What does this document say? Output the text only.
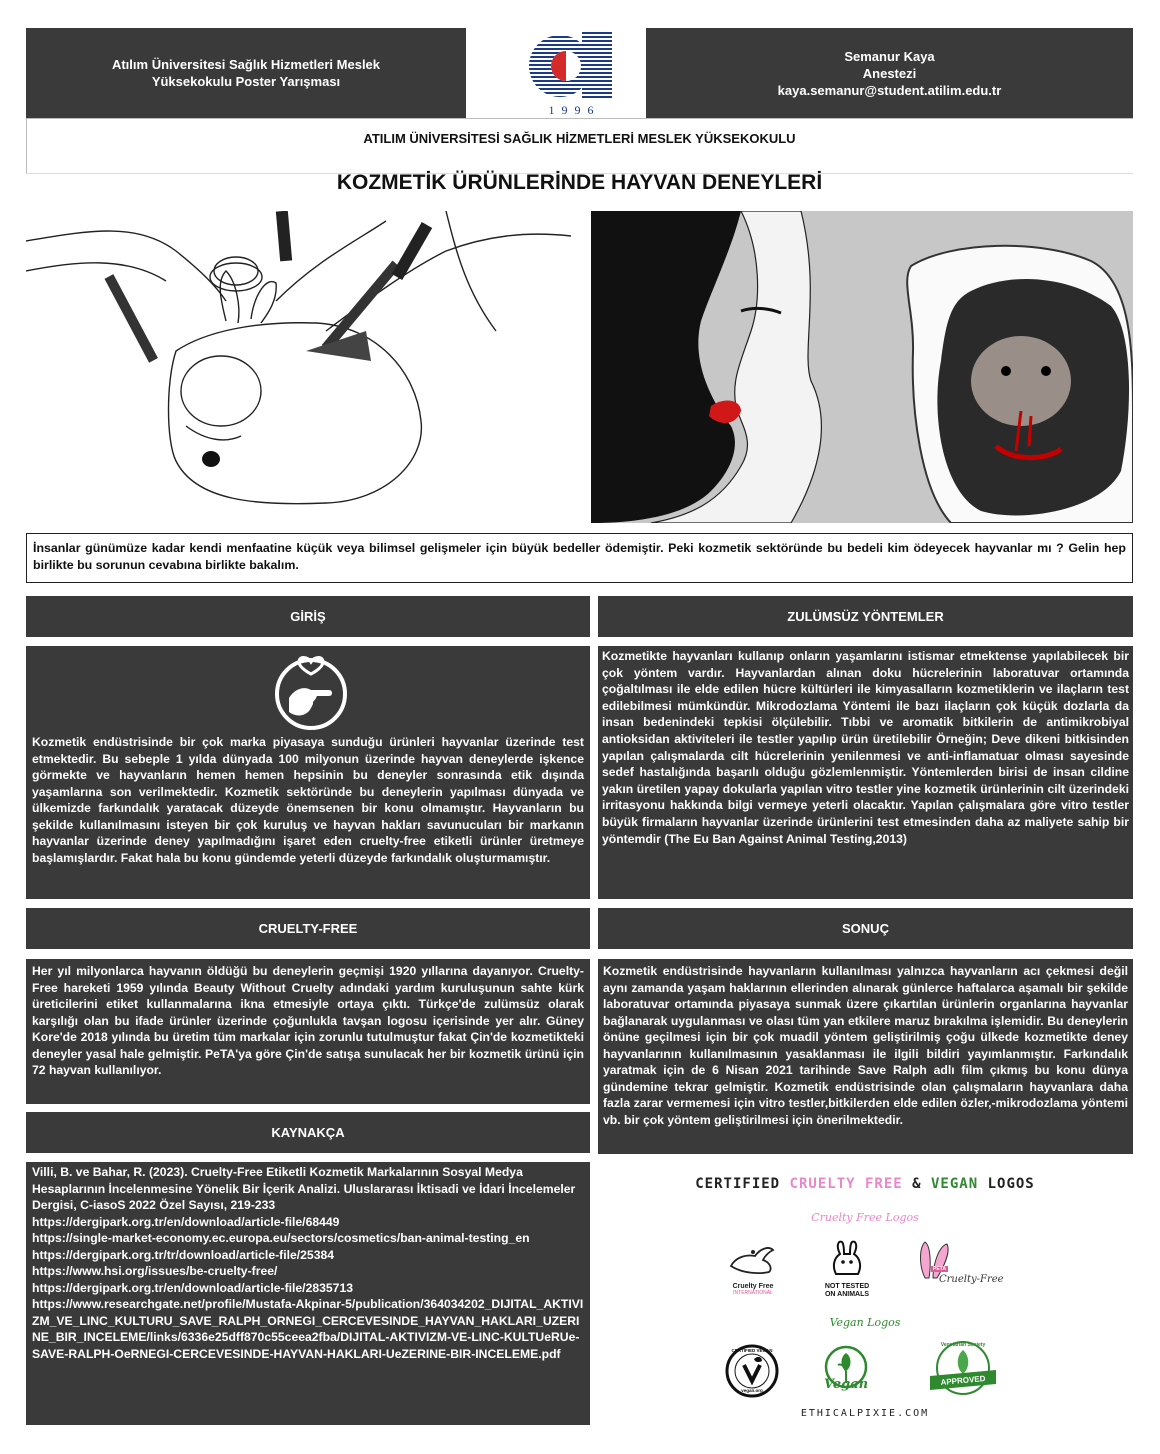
Atılım Üniversitesi Sağlık Hizmetleri Meslek Yüksekokulu Poster Yarışması
1 9 9 6
Semanur Kaya
Anestezi
kaya.semanur@student.atilim.edu.tr
ATILIM ÜNİVERSİTESİ SAĞLIK HİZMETLERİ MESLEK YÜKSEKOKULU
KOZMETİK ÜRÜNLERİNDE HAYVAN DENEYLERİ
İnsanlar günümüze kadar kendi menfaatine küçük veya bilimsel gelişmeler için büyük bedeller ödemiştir. Peki kozmetik sektöründe bu bedeli kim ödeyecek hayvanlar mı ? Gelin hep birlikte bu sorunun cevabına birlikte bakalım.
GİRİŞ
Kozmetik endüstrisinde bir çok marka piyasaya sunduğu ürünleri hayvanlar üzerinde test etmektedir. Bu sebeple 1 yılda dünyada 100 milyonun üzerinde hayvan deneylerde işkence görmekte ve hayvanların hemen hemen hepsinin bu deneyler sonrasında etik dışında yaşamlarına son verilmektedir. Kozmetik sektöründe bu deneylerin yapılması dünyada ve ülkemizde farkındalık yaratacak düzeyde önemsenen bir konu olmamıştır. Hayvanların bu şekilde kullanılmasını isteyen bir çok kuruluş ve hayvan hakları savunucuları bir markanın hayvanlar üzerinde deney yapılmadığını işaret eden cruelty-free etiketli ürünler üretmeye başlamışlardır. Fakat hala bu konu gündemde yeterli düzeyde farkındalık oluşturmamıştır.
ZULÜMSÜZ YÖNTEMLER
Kozmetikte hayvanları kullanıp onların yaşamlarını istismar etmektense yapılabilecek bir çok yöntem vardır. Hayvanlardan alınan doku hücrelerinin laboratuvar ortamında çoğaltılması ile elde edilen hücre kültürleri ile kimyasalların kozmetiklerin ve ilaçların test edilebilmesi mümkündür. Mikrodozlama Yöntemi ile bazı ilaçların çok küçük dozlarla da insan bedenindeki tepkisi ölçülebilir. Tıbbi ve aromatik bitkilerin de antimikrobiyal antioksidan aktiviteleri ile testler yapılıp ürün üretilebilir Örneğin; Deve dikeni bitkisinden yapılan çalışmalarda cilt hücrelerinin yenilenmesi ve anti-inflamatuar olması sayesinde sedef hastalığında başarılı olduğu gözlemlenmiştir. Yöntemlerden birisi de insan cildine yakın üretilen yapay dokularla yapılan vitro testler yine kozmetik ürünlerinin cilt üzerindeki irritasyonu hakkında bilgi vermeye yeterli olacaktır. Yapılan çalışmalara göre vitro testler büyük firmaların hayvanlar üzerinde ürünlerini test etmesinden daha az maliyete sahip bir yöntemdir (The Eu Ban Against Animal Testing,2013)
CRUELTY-FREE
Her yıl milyonlarca hayvanın öldüğü bu deneylerin geçmişi 1920 yıllarına dayanıyor. Cruelty-Free hareketi 1959 yılında Beauty Without Cruelty adındaki yardım kuruluşunun sahte kürk üreticilerini etiket kullanmalarına ikna etmesiyle ortaya çıktı. Türkçe'de zulümsüz olarak karşılığı olan bu ifade ürünler üzerinde çoğunlukla tavşan logosu içerisinde yer alır. Güney Kore'de 2018 yılında bu üretim tüm markalar için zorunlu tutulmuştur fakat Çin'de kozmetikteki deneyler yasal hale gelmiştir. PeTA'ya göre Çin'de satışa sunulacak her bir kozmetik ürünü için 72 hayvan kullanılıyor.
SONUÇ
Kozmetik endüstrisinde hayvanların kullanılması yalnızca hayvanların acı çekmesi değil aynı zamanda yaşam haklarının ellerinden alınarak günlerce haftalarca aşamalı bir şekilde laboratuvar ortamında piyasaya sunmak üzere çıkartılan ürünlerin organlarına hayvanlar bağlanarak uygulanması ve olası tüm yan etkilere maruz bırakılma işlemidir. Bu deneylerin önüne geçilmesi için bir çok muadil yöntem geliştirilmiş çoğu ülkede kozmetikte deney hayvanlarının kullanılmasının yasaklanması ile ilgili bildiri yayımlanmıştır. Farkındalık yaratmak için de 6 Nisan 2021 tarihinde Save Ralph adlı film çıkmış bu konu dünya gündemine tekrar gelmiştir. Kozmetik endüstrisinde olan çalışmaların hayvanlara daha fazla zarar vermemesi için vitro testler,bitkilerden elde edilen özler,-mikrodozlama yöntemi vb. bir çok yöntem geliştirilmesi için önerilmektedir.
KAYNAKÇA
Villi, B. ve Bahar, R. (2023). Cruelty-Free Etiketli Kozmetik Markalarının Sosyal Medya Hesaplarının İncelenmesine Yönelik Bir İçerik Analizi. Uluslararası İktisadi ve İdari İncelemeler Dergisi, C-iasoS 2022 Özel Sayısı, 219-233
https://dergipark.org.tr/en/download/article-file/68449
https://single-market-economy.ec.europa.eu/sectors/cosmetics/ban-animal-testing_en
https://dergipark.org.tr/tr/download/article-file/25384
https://www.hsi.org/issues/be-cruelty-free/
https://dergipark.org.tr/en/download/article-file/2835713
https://www.researchgate.net/profile/Mustafa-Akpinar-5/publication/364034202_DIJITAL_AKTIVIZM_VE_LINC_KULTURU_SAVE_RALPH_ORNEGI_CERCEVESINDE_HAYVAN_HAKLARI_UZERINE_BIR_INCELEME/links/6336e25dff870c55ceea2fba/DIJITAL-AKTIVIZM-VE-LINC-KULTUeRUe-SAVE-RALPH-OeRNEGI-CERCEVESINDE-HAYVAN-HAKLARI-UeZERINE-BIR-INCELEME.pdf
CERTIFIED CRUELTY FREE & VEGAN LOGOS
Cruelty Free Logos
Cruelty Free
INTERNATIONAL
NOT TESTED ON ANIMALS
PETA
Cruelty-Free
Vegan Logos
CERTIFIED VEGAN
vegan.org	Vegan
Vegetarian Society
APPROVED
ETHICALPIXIE.COM
